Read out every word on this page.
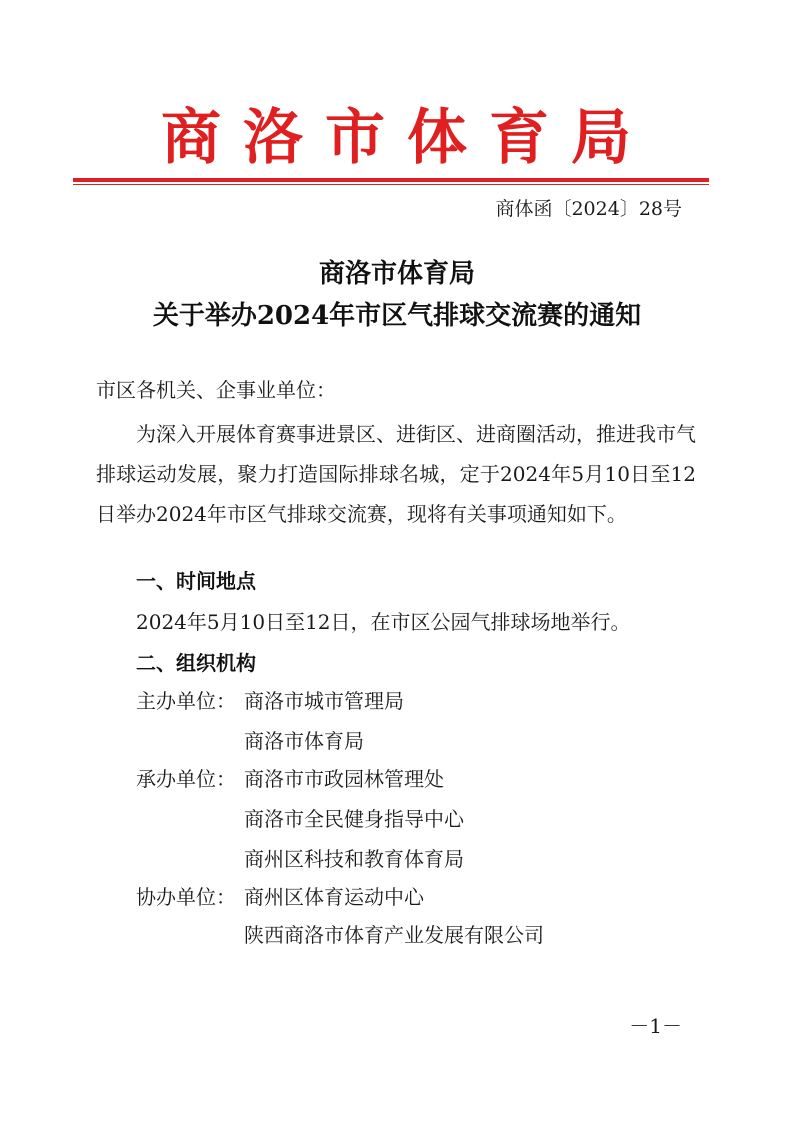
商洛市体育局
商体函〔2024〕28号
商洛市体育局
关于举办2024年市区气排球交流赛的通知
市区各机关、企事业单位：
为深入开展体育赛事进景区、进街区、进商圈活动，推进我市气排球运动发展，聚力打造国际排球名城，定于2024年5月10日至12日举办2024年市区气排球交流赛，现将有关事项通知如下。
一、时间地点
2024年5月10日至12日，在市区公园气排球场地举行。
二、组织机构
主办单位： 商洛市城市管理局
商洛市体育局
承办单位： 商洛市市政园林管理处
商洛市全民健身指导中心
商州区科技和教育体育局
协办单位： 商州区体育运动中心
陕西商洛市体育产业发展有限公司
－1－
